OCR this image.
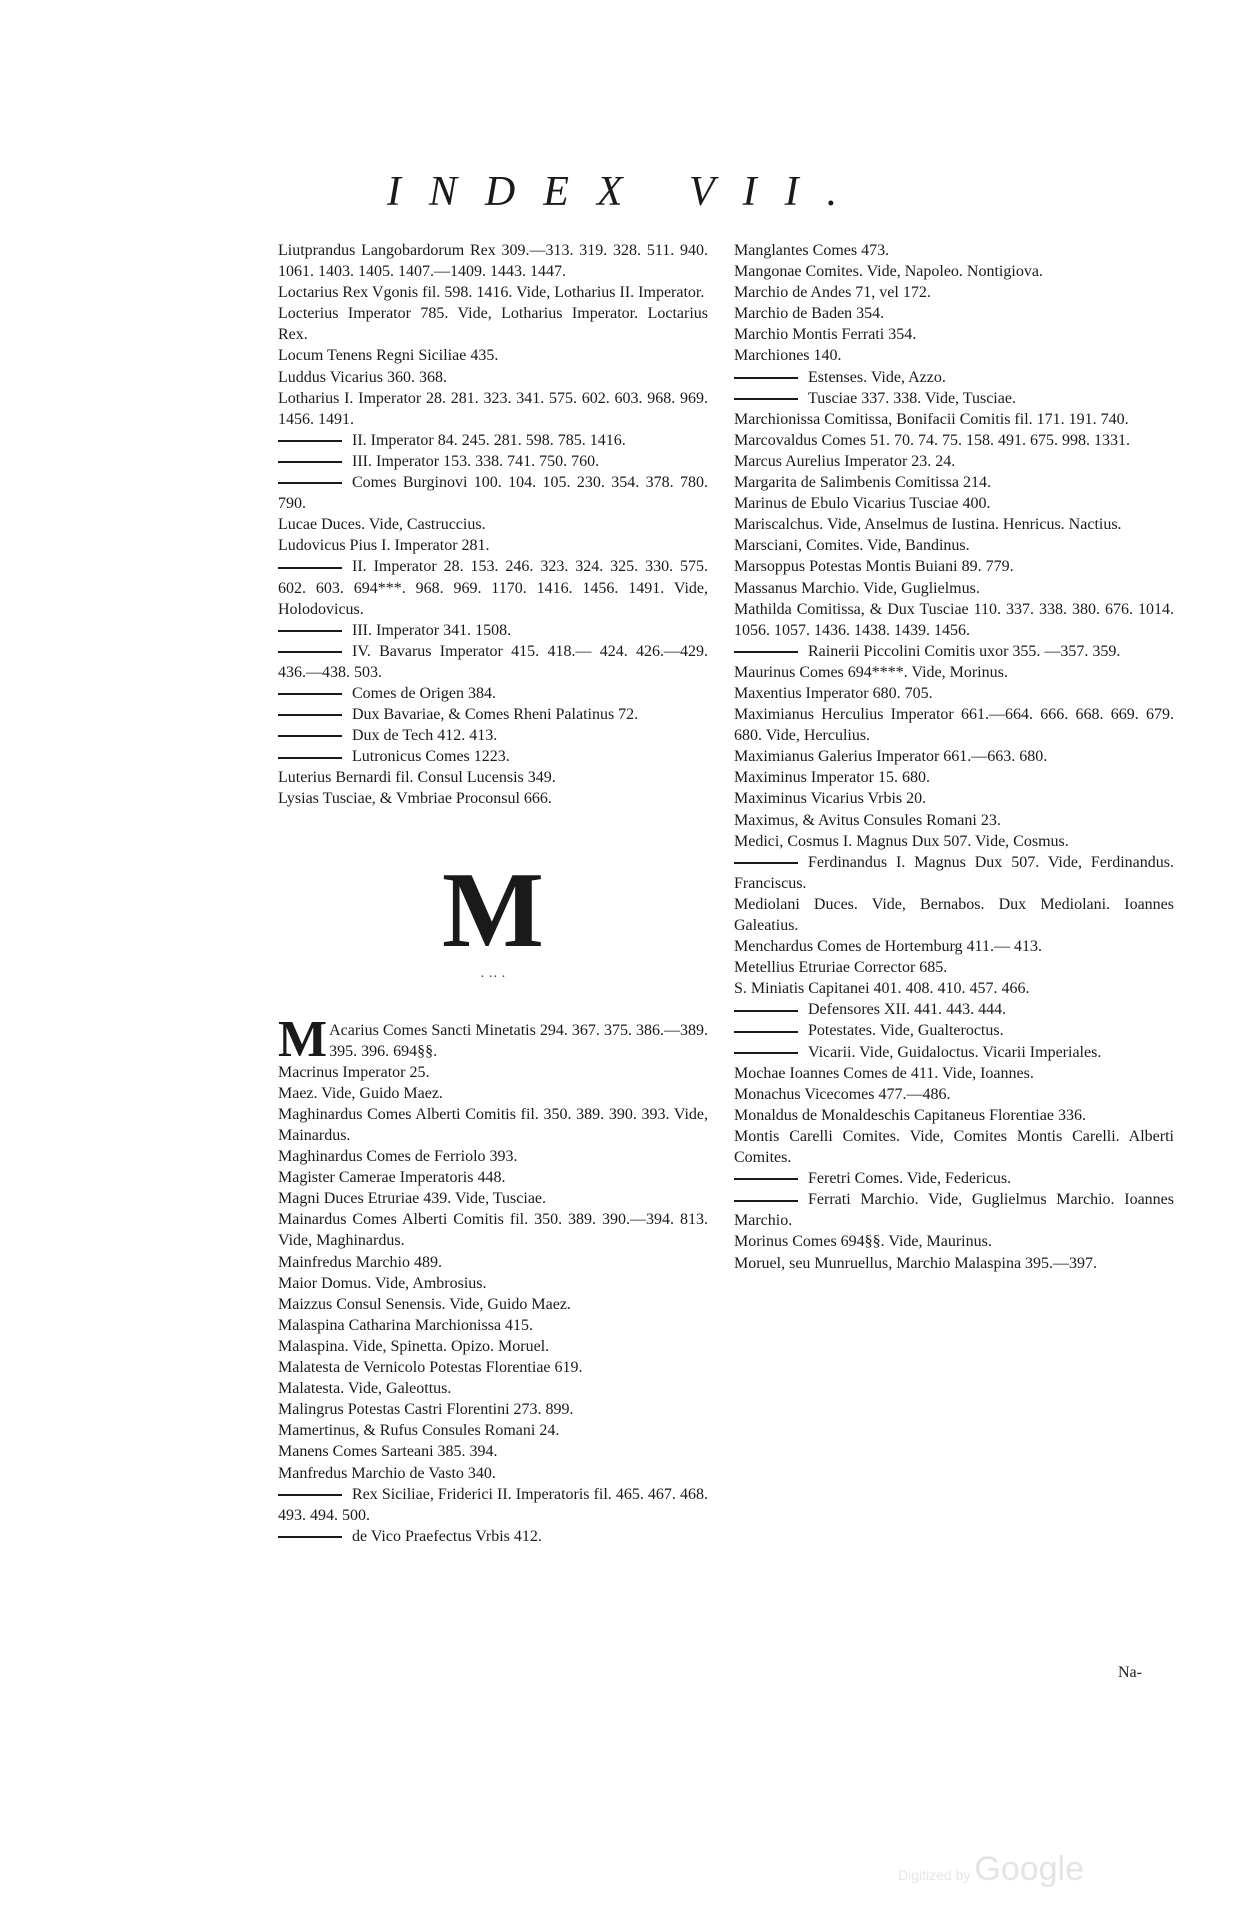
INDEX VII.

Liutprandus Langobardorum Rex 309.—313. 319. 328. 511. 940. 1061. 1403. 1405. 1407.—1409. 1443. 1447.

Loctarius Rex Vgonis fil. 598. 1416. Vide, Lotharius II. Imperator.

Locterius Imperator 785. Vide, Lotharius Imperator. Loctarius Rex.

Locum Tenens Regni Siciliae 435.

Luddus Vicarius 360. 368.

Lotharius I. Imperator 28. 281. 323. 341. 575. 602. 603. 968. 969. 1456. 1491.

II. Imperator 84. 245. 281. 598. 785. 1416.

III. Imperator 153. 338. 741. 750. 760.

Comes Burginovi 100. 104. 105. 230. 354. 378. 780. 790.

Lucae Duces. Vide, Castruccius.

Ludovicus Pius I. Imperator 281.

II. Imperator 28. 153. 246. 323. 324. 325. 330. 575. 602. 603. 694***. 968. 969. 1170. 1416. 1456. 1491. Vide, Holodovicus.

III. Imperator 341. 1508.

IV. Bavarus Imperator 415. 418.— 424. 426.—429. 436.—438. 503.

Comes de Origen 384.

Dux Bavariae, & Comes Rheni Palatinus 72.

Dux de Tech 412. 413.

Lutronicus Comes 1223.

Luterius Bernardi fil. Consul Lucensis 349.

Lysias Tusciae, & Vmbriae Proconsul 666.

M
· ·· ·

M Acarius Comes Sancti Minetatis 294. 367. 375. 386.—389. 395. 396. 694§§.

Macrinus Imperator 25.

Maez. Vide, Guido Maez.

Maghinardus Comes Alberti Comitis fil. 350. 389. 390. 393. Vide, Mainardus.

Maghinardus Comes de Ferriolo 393.

Magister Camerae Imperatoris 448.

Magni Duces Etruriae 439. Vide, Tusciae.

Mainardus Comes Alberti Comitis fil. 350. 389. 390.—394. 813. Vide, Maghinardus.

Mainfredus Marchio 489.

Maior Domus. Vide, Ambrosius.

Maizzus Consul Senensis. Vide, Guido Maez.

Malaspina Catharina Marchionissa 415.

Malaspina. Vide, Spinetta. Opizo. Moruel.

Malatesta de Vernicolo Potestas Florentiae 619.

Malatesta. Vide, Galeottus.

Malingrus Potestas Castri Florentini 273. 899.

Mamertinus, & Rufus Consules Romani 24.

Manens Comes Sarteani 385. 394.

Manfredus Marchio de Vasto 340.

Rex Siciliae, Friderici II. Imperatoris fil. 465. 467. 468. 493. 494. 500.

de Vico Praefectus Vrbis 412.

Manglantes Comes 473.

Mangonae Comites. Vide, Napoleo. Nontigiova.

Marchio de Andes 71, vel 172.

Marchio de Baden 354.

Marchio Montis Ferrati 354.

Marchiones 140.

Estenses. Vide, Azzo.

Tusciae 337. 338. Vide, Tusciae.

Marchionissa Comitissa, Bonifacii Comitis fil. 171. 191. 740.

Marcovaldus Comes 51. 70. 74. 75. 158. 491. 675. 998. 1331.

Marcus Aurelius Imperator 23. 24.

Margarita de Salimbenis Comitissa 214.

Marinus de Ebulo Vicarius Tusciae 400.

Mariscalchus. Vide, Anselmus de Iustina. Henricus. Nactius.

Marsciani, Comites. Vide, Bandinus.

Marsoppus Potestas Montis Buiani 89. 779.

Massanus Marchio. Vide, Guglielmus.

Mathilda Comitissa, & Dux Tusciae 110. 337. 338. 380. 676. 1014. 1056. 1057. 1436. 1438. 1439. 1456.

Rainerii Piccolini Comitis uxor 355. —357. 359.

Maurinus Comes 694****. Vide, Morinus.

Maxentius Imperator 680. 705.

Maximianus Herculius Imperator 661.—664. 666. 668. 669. 679. 680. Vide, Herculius.

Maximianus Galerius Imperator 661.—663. 680.

Maximinus Imperator 15. 680.

Maximinus Vicarius Vrbis 20.

Maximus, & Avitus Consules Romani 23.

Medici, Cosmus I. Magnus Dux 507. Vide, Cosmus.

Ferdinandus I. Magnus Dux 507. Vide, Ferdinandus. Franciscus.

Mediolani Duces. Vide, Bernabos. Dux Mediolani. Ioannes Galeatius.

Menchardus Comes de Hortemburg 411.— 413.

Metellius Etruriae Corrector 685.

S. Miniatis Capitanei 401. 408. 410. 457. 466.

Defensores XII. 441. 443. 444.

Potestates. Vide, Gualteroctus.

Vicarii. Vide, Guidaloctus. Vicarii Imperiales.

Mochae Ioannes Comes de 411. Vide, Ioannes.

Monachus Vicecomes 477.—486.

Monaldus de Monaldeschis Capitaneus Florentiae 336.

Montis Carelli Comites. Vide, Comites Montis Carelli. Alberti Comites.

Feretri Comes. Vide, Federicus.

Ferrati Marchio. Vide, Guglielmus Marchio. Ioannes Marchio.

Morinus Comes 694§§. Vide, Maurinus.

Moruel, seu Munruellus, Marchio Malaspina 395.—397.

Na-
Digitized by Google
